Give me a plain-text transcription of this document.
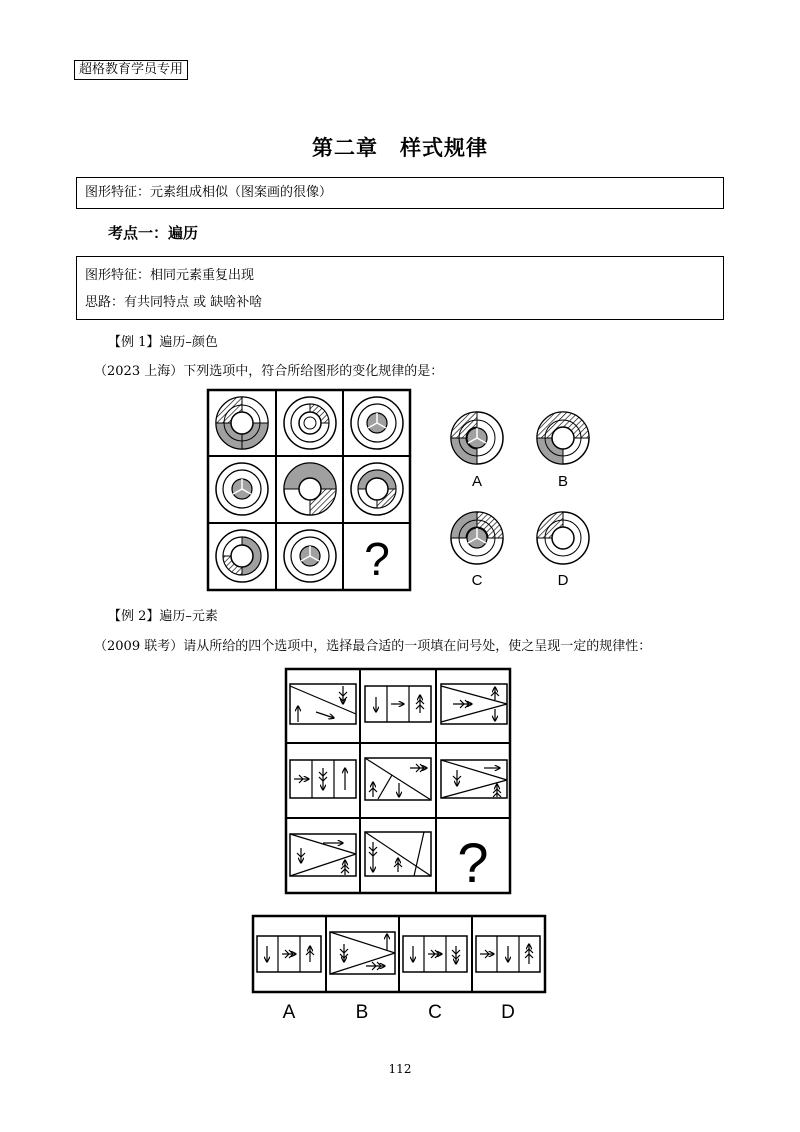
超格教育学员专用
第二章　样式规律
图形特征：元素组成相似（图案画的很像）
考点一：遍历
图形特征：相同元素重复出现
思路：有共同特点 或 缺啥补啥
【例 1】遍历–颜色
（2023 上海）下列选项中，符合所给图形的变化规律的是：
?
A	B
C	D
【例 2】遍历–元素
（2009 联考）请从所给的四个选项中，选择最合适的一项填在问号处，使之呈现一定的规律性：
?
A	B	C	D
112
